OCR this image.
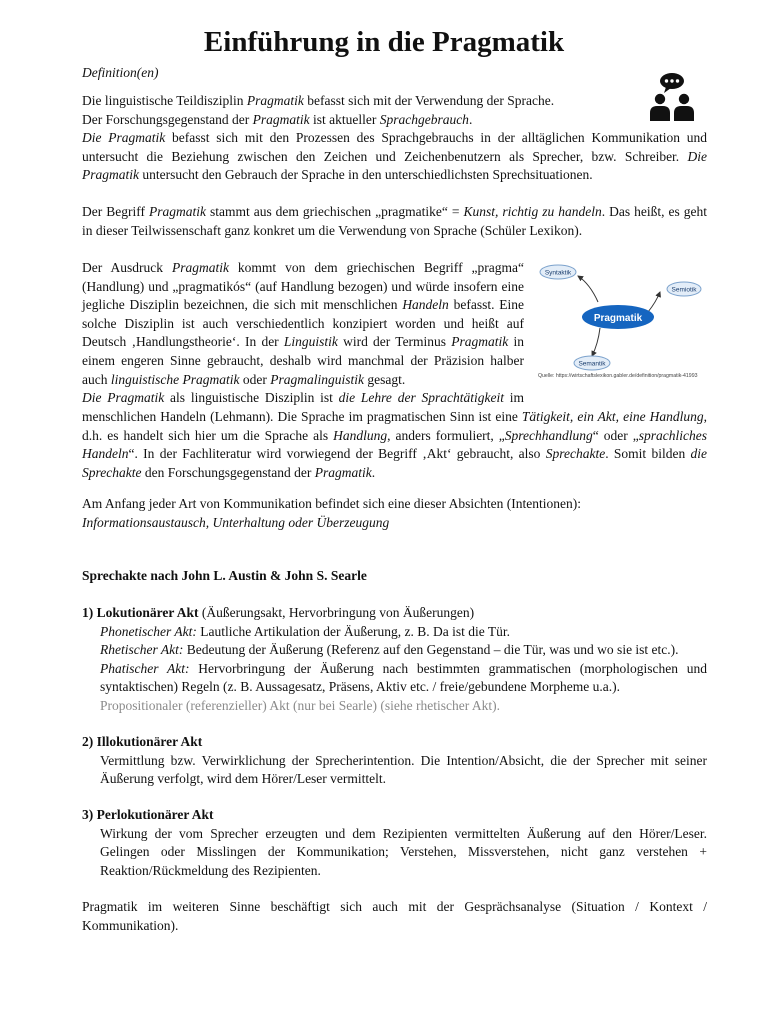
Einführung in die Pragmatik
Definition(en)
Die linguistische Teildisziplin Pragmatik befasst sich mit der Verwendung der Sprache.
Der Forschungsgegenstand der Pragmatik ist aktueller Sprachgebrauch.
Die Pragmatik befasst sich mit den Prozessen des Sprachgebrauchs in der alltäglichen Kommunikation und untersucht die Beziehung zwischen den Zeichen und Zeichenbenutzern als Sprecher, bzw. Schreiber. Die Pragmatik untersucht den Gebrauch der Sprache in den unterschiedlichsten Sprechsituationen.
Der Begriff Pragmatik stammt aus dem griechischen „pragmatike“ = Kunst, richtig zu handeln. Das heißt, es geht in dieser Teilwissenschaft ganz konkret um die Verwendung von Sprache (Schüler Lexikon).
Der Ausdruck Pragmatik kommt von dem griechischen Begriff „pragma“
(Handlung) und „pragmatikós“ (auf Handlung bezogen) und würde insofern eine
jegliche Disziplin bezeichnen, die sich mit menschlichen Handeln befasst. Eine
solche Disziplin ist auch verschiedentlich konzipiert worden und heißt auf
Deutsch ‚Handlungstheorie‘. In der Linguistik wird der Terminus Pragmatik in
einem engeren Sinne gebraucht, deshalb wird manchmal der Präzision halber
auch linguistische Pragmatik oder Pragmalinguistik gesagt.
Die Pragmatik als linguistische Disziplin ist die Lehre der Sprachtätigkeit im
menschlichen Handeln (Lehmann). Die Sprache im pragmatischen Sinn ist eine Tätigkeit, ein Akt, eine Handlung, d.h. es handelt sich hier um die Sprache als Handlung, anders formuliert, „Sprechhandlung“ oder „sprachliches Handeln“. In der Fachliteratur wird vorwiegend der Begriff ‚Akt‘ gebraucht, also Sprechakte. Somit bilden die Sprechakte den Forschungsgegenstand der Pragmatik.
Syntaktik
Semiotik
Pragmatik
Semantik
Quelle: https://wirtschaftslexikon.gabler.de/definition/pragmatik-41993
Am Anfang jeder Art von Kommunikation befindet sich eine dieser Absichten (Intentionen):
Informationsaustausch, Unterhaltung oder Überzeugung
Sprechakte nach John L. Austin & John S. Searle
1) Lokutionärer Akt (Äußerungsakt, Hervorbringung von Äußerungen)
Phonetischer Akt: Lautliche Artikulation der Äußerung, z. B. Da ist die Tür.
Rhetischer Akt: Bedeutung der Äußerung (Referenz auf den Gegenstand – die Tür, was und wo sie ist etc.).
Phatischer Akt: Hervorbringung der Äußerung nach bestimmten grammatischen (morphologischen und syntaktischen) Regeln (z. B. Aussagesatz, Präsens, Aktiv etc. / freie/gebundene Morpheme u.a.).
Propositionaler (referenzieller) Akt (nur bei Searle) (siehe rhetischer Akt).
2) Illokutionärer Akt
Vermittlung bzw. Verwirklichung der Sprecherintention. Die Intention/Absicht, die der Sprecher mit seiner Äußerung verfolgt, wird dem Hörer/Leser vermittelt.
3) Perlokutionärer Akt
Wirkung der vom Sprecher erzeugten und dem Rezipienten vermittelten Äußerung auf den Hörer/Leser. Gelingen oder Misslingen der Kommunikation; Verstehen, Missverstehen, nicht ganz verstehen + Reaktion/Rückmeldung des Rezipienten.
Pragmatik im weiteren Sinne beschäftigt sich auch mit der Gesprächsanalyse (Situation / Kontext / Kommunikation).
